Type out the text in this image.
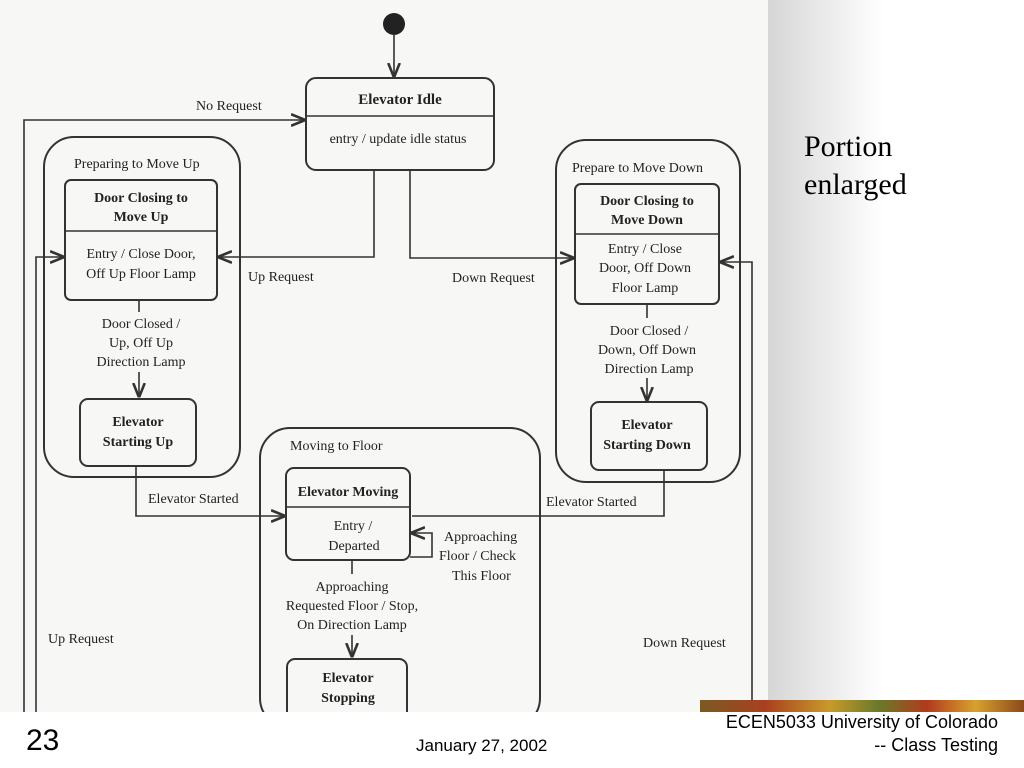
Elevator Idle
entry / update idle status
No Request
Preparing to Move Up
Door Closing to
Move Up
Entry / Close Door,
Off Up Floor Lamp
Door Closed /
Up, Off Up
Direction Lamp
Elevator
Starting Up
Up Request
Prepare to Move Down
Door Closing to
Move Down
Entry / Close
Door, Off Down
Floor Lamp
Door Closed /
Down, Off Down
Direction Lamp
Elevator
Starting Down
Down Request
Moving to Floor
Elevator Moving
Entry /
Departed
Approaching
Floor / Check
This Floor
Approaching
Requested Floor / Stop,
On Direction Lamp
Elevator
Stopping
Elevator Started	Elevator Started
Up Request	Down Request
Portion
enlarged
23	January 27, 2002
ECEN5033 University of Colorado
-- Class Testing
